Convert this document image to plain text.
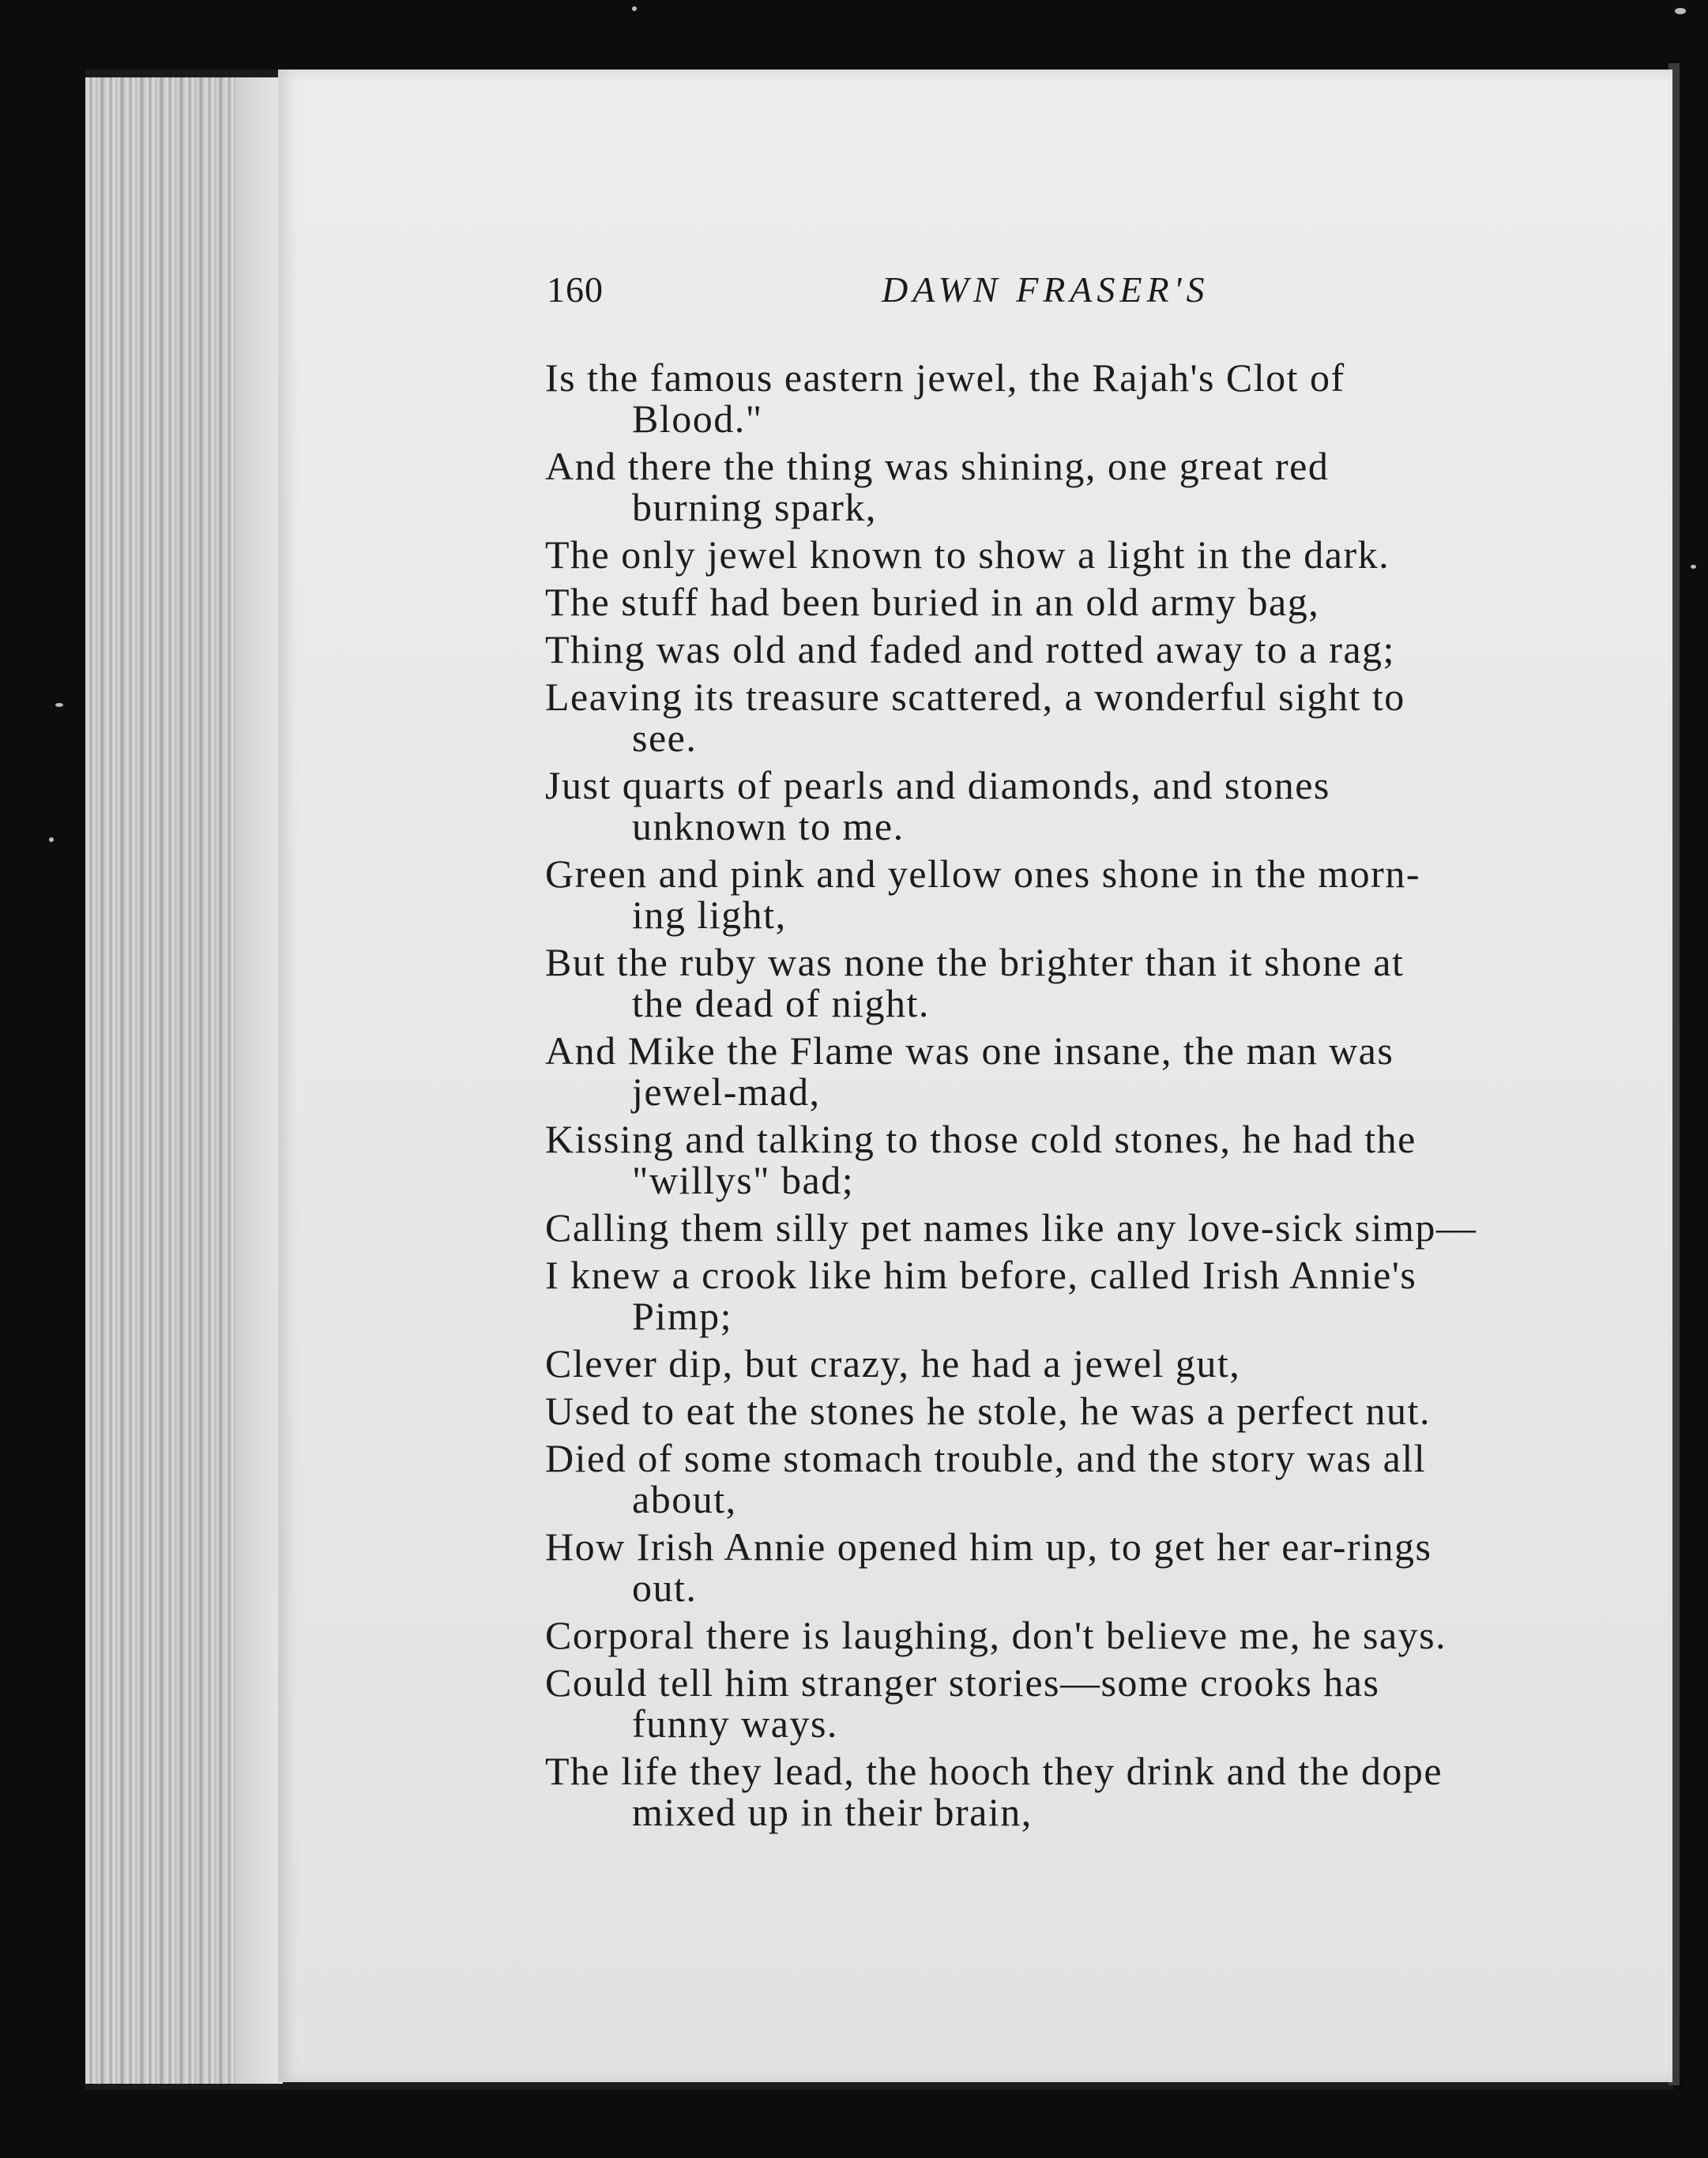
160	DAWN FRASER'S

Is the famous eastern jewel, the Rajah's Clot of
Blood."

And there the thing was shining, one great red
burning spark,

The only jewel known to show a light in the dark.

The stuff had been buried in an old army bag,

Thing was old and faded and rotted away to a rag;

Leaving its treasure scattered, a wonderful sight to
see.

Just quarts of pearls and diamonds, and stones
unknown to me.

Green and pink and yellow ones shone in the morn-
ing light,

But the ruby was none the brighter than it shone at
the dead of night.

And Mike the Flame was one insane, the man was
jewel-mad,

Kissing and talking to those cold stones, he had the
"willys" bad;

Calling them silly pet names like any love-sick simp—

I knew a crook like him before, called Irish Annie's
Pimp;

Clever dip, but crazy, he had a jewel gut,

Used to eat the stones he stole, he was a perfect nut.

Died of some stomach trouble, and the story was all
about,

How Irish Annie opened him up, to get her ear-rings
out.

Corporal there is laughing, don't believe me, he says.

Could tell him stranger stories—some crooks has
funny ways.

The life they lead, the hooch they drink and the dope
mixed up in their brain,
